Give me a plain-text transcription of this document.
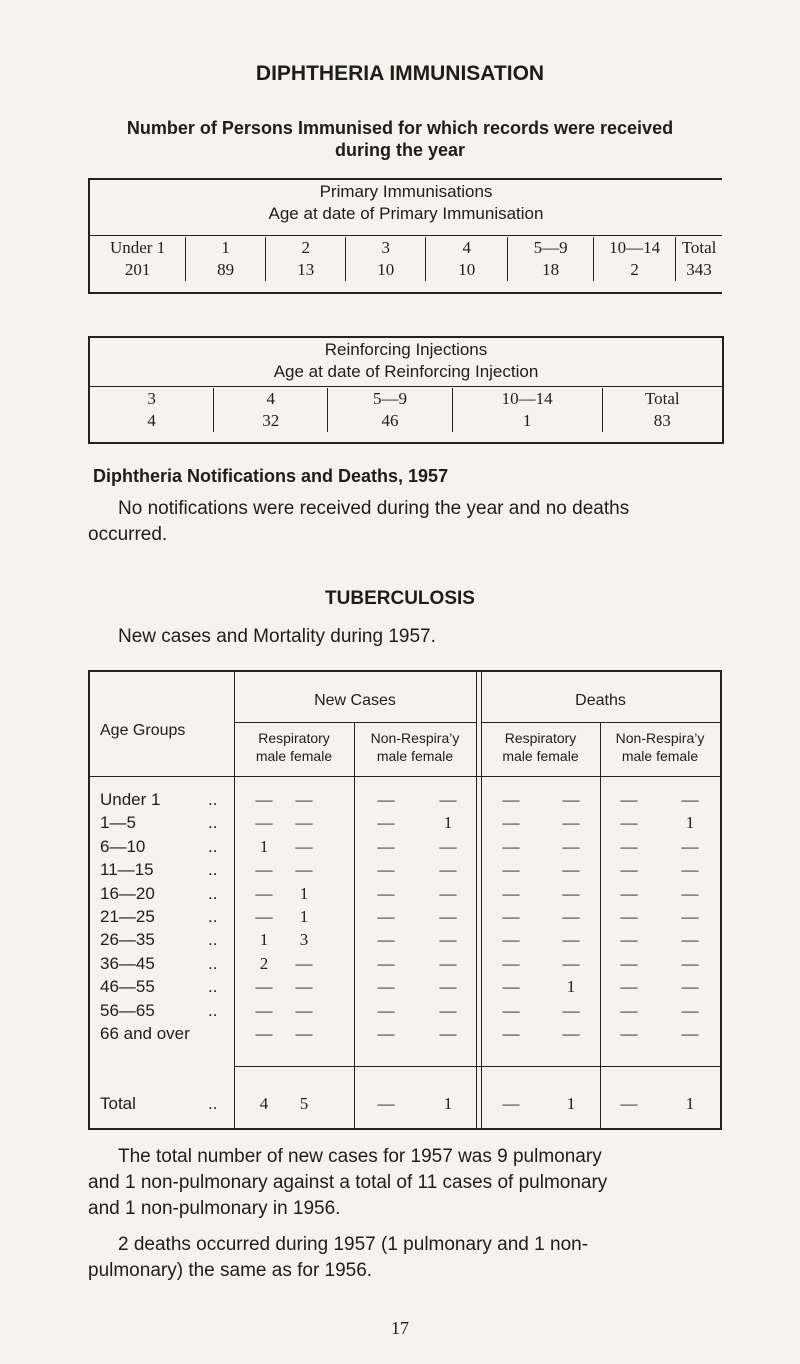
DIPHTHERIA IMMUNISATION
Number of Persons Immunised for which records were received
during the year
Primary Immunisations
Age at date of Primary Immunisation
Under 1	1	2	3	4	5—9	10—14	Total
201	89	13	10	10	18	2	343
Reinforcing Injections
Age at date of Reinforcing Injection
3	4	5—9	10—14	Total
4	32	46	1	83
Diphtheria Notifications and Deaths, 1957
No notifications were received during the year and no deaths
occurred.
TUBERCULOSIS
New cases and Mortality during 1957.
Age Groups
New Cases	Deaths
Respiratory
male female
Non-Respira’y
male female
Respiratory
male female
Non-Respira’y
male female
Under 1	..	—	—	—	—	—	—	—	—
1—5	..	—	—	—	1	—	—	—	1
6—10	..	1	—	—	—	—	—	—	—
11—15	..	—	—	—	—	—	—	—	—
16—20	..	—	1	—	—	—	—	—	—
21—25	..	—	1	—	—	—	—	—	—
26—35	..	1	3	—	—	—	—	—	—
36—45	..	2	—	—	—	—	—	—	—
46—55	..	—	—	—	—	—	1	—	—
56—65	..	—	—	—	—	—	—	—	—
66 and over	—	—	—	—	—	—	—	—
Total	..	4	5	—	1	—	1	—	1
The total number of new cases for 1957 was 9 pulmonary
and 1 non-pulmonary against a total of 11 cases of pulmonary
and 1 non-pulmonary in 1956.
2 deaths occurred during 1957 (1 pulmonary and 1 non-
pulmonary) the same as for 1956.
17
